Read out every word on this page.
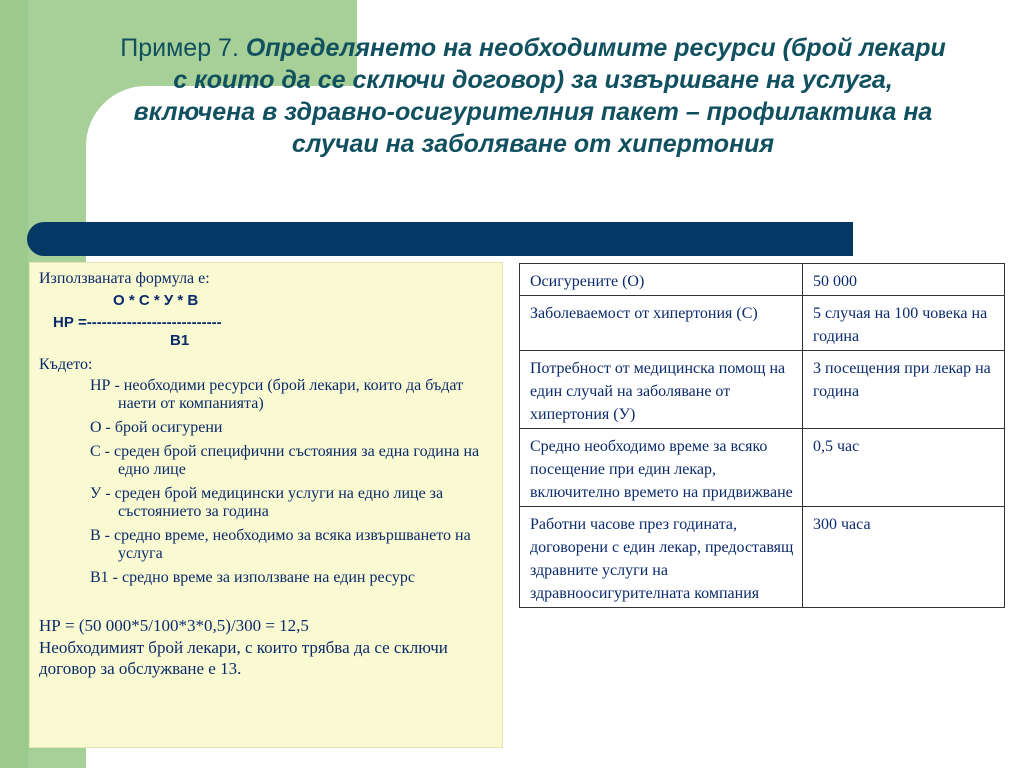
Пример 7. Определянето на необходимите ресурси (брой лекари с които да се сключи договор) за извършване на услуга, включена в здравно-осигурителния пакет – профилактика на случаи на заболяване от хипертония

Използваната формула е:

О * С * У * В

НР =---------------------------

В1

Където:

НР - необходими ресурси (брой лекари, които да бъдат наети от компанията)

О - брой осигурени

С - среден брой специфични състояния за една година на едно лице

У - среден брой медицински услуги на едно лице за състоянието за година

В - средно време, необходимо за всяка извършването на услуга

В1 - средно време за използване на един ресурс

НР = (50 000*5/100*3*0,5)/300 = 12,5

Необходимият брой лекари, с които трябва да се сключи договор за обслужване е 13.

Осигурените (О)	50 000
Заболеваемост от хипертония (С)	5 случая на 100 човека на година
Потребност от медицинска помощ на един случай на заболяване от хипертония (У)	3 посещения при лекар на година
Средно необходимо време за всяко посещение при един лекар, включително времето на придвижване	0,5 час
Работни часове през годината, договорени с един лекар, предоставящ здравните услуги на здравноосигурителната компания	300 часа
